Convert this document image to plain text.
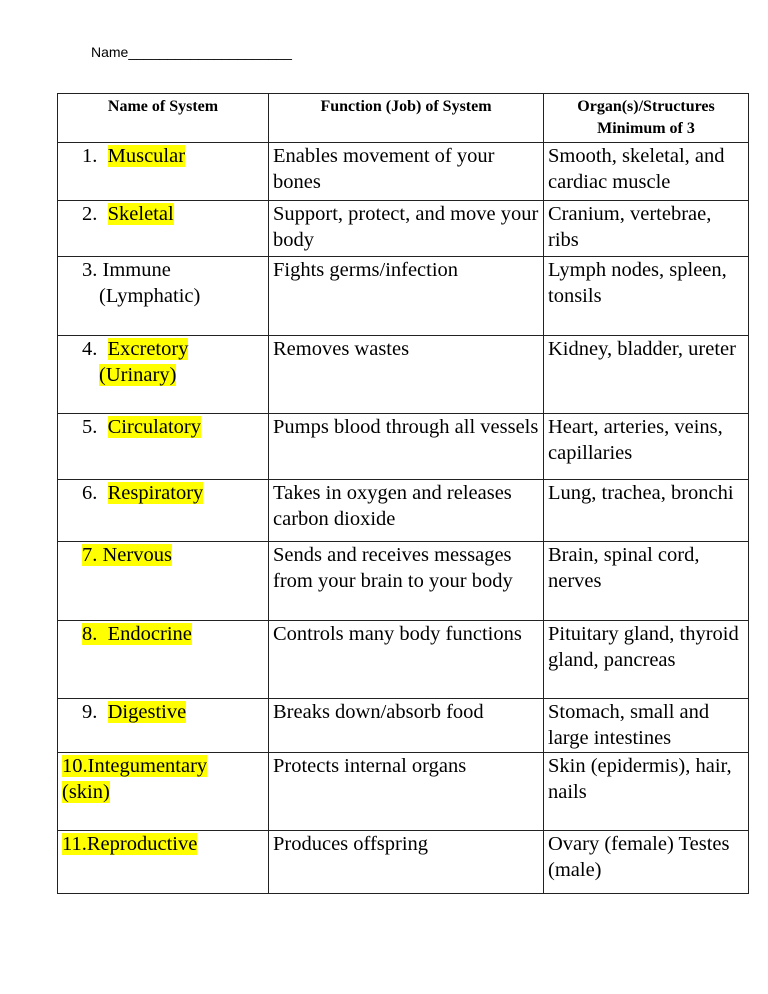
Name_____________________
Name of System	Function (Job) of System	Organ(s)/Structures
Minimum of 3
1. Muscular	Enables movement of your bones	Smooth, skeletal, and cardiac muscle
2. Skeletal	Support, protect, and move your body	Cranium, vertebrae, ribs
3. Immune
(Lymphatic)	Fights germs/infection	Lymph nodes, spleen, tonsils
4. Excretory
(Urinary)	Removes wastes	Kidney, bladder, ureter
5. Circulatory	Pumps blood through all vessels	Heart, arteries, veins, capillaries
6. Respiratory	Takes in oxygen and releases carbon dioxide	Lung, trachea, bronchi
7. Nervous	Sends and receives messages from your brain to your body	Brain, spinal cord, nerves
8. Endocrine	Controls many body functions	Pituitary gland, thyroid gland, pancreas
9. Digestive	Breaks down/absorb food	Stomach, small and large intestines
10.Integumentary
(skin)	Protects internal organs	Skin (epidermis), hair, nails
11.Reproductive	Produces offspring	Ovary (female) Testes (male)
